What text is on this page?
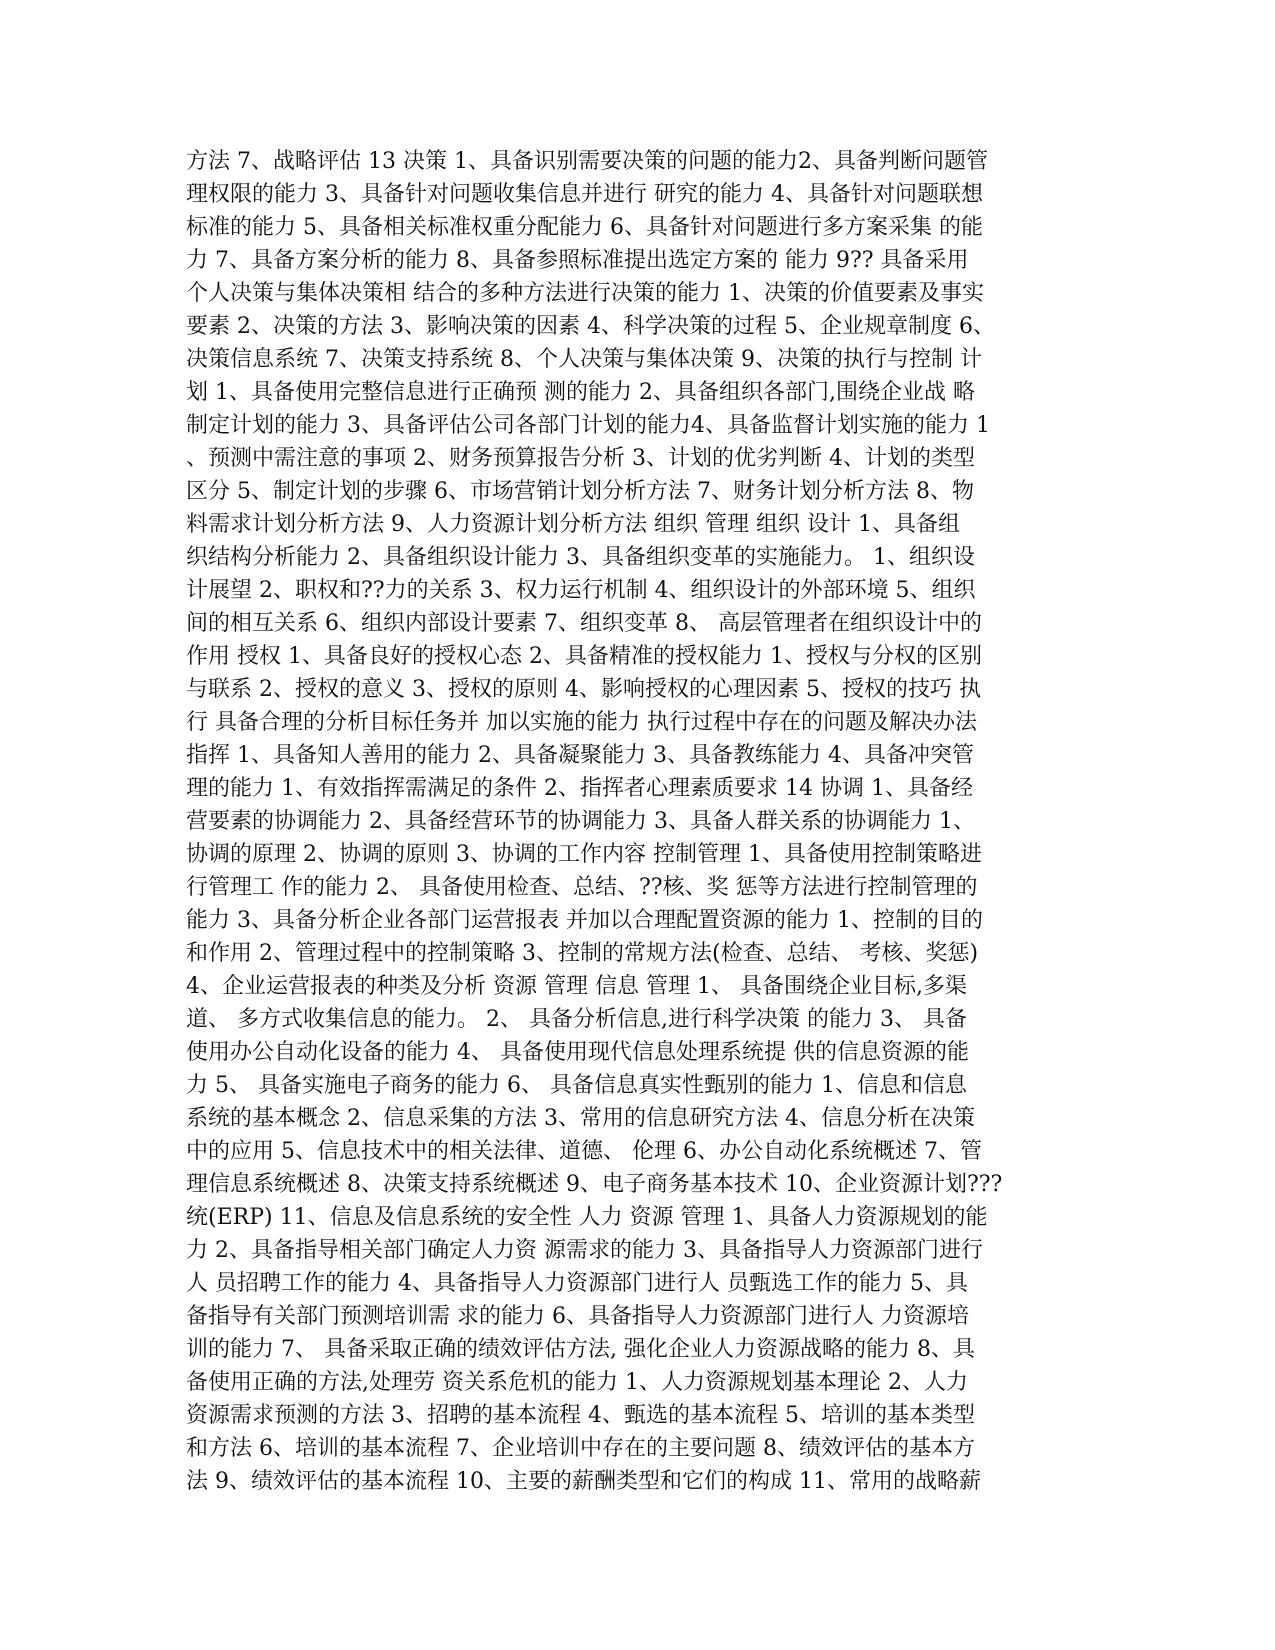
方法 7、战略评估 13 决策 1、具备识别需要决策的问题的能力2、具备判断问题管
理权限的能力 3、具备针对问题收集信息并进行 研究的能力 4、具备针对问题联想
标准的能力 5、具备相关标准权重分配能力 6、具备针对问题进行多方案采集 的能
力 7、具备方案分析的能力 8、具备参照标准提出选定方案的 能力 9?? 具备采用
个人决策与集体决策相 结合的多种方法进行决策的能力 1、决策的价值要素及事实
要素 2、决策的方法 3、影响决策的因素 4、科学决策的过程 5、企业规章制度 6、
决策信息系统 7、决策支持系统 8、个人决策与集体决策 9、决策的执行与控制 计
划 1、具备使用完整信息进行正确预 测的能力 2、具备组织各部门,围绕企业战 略
制定计划的能力 3、具备评估公司各部门计划的能力4、具备监督计划实施的能力 1
、预测中需注意的事项 2、财务预算报告分析 3、计划的优劣判断 4、计划的类型
区分 5、制定计划的步骤 6、市场营销计划分析方法 7、财务计划分析方法 8、物
料需求计划分析方法 9、人力资源计划分析方法 组织 管理 组织 设计 1、具备组
织结构分析能力 2、具备组织设计能力 3、具备组织变革的实施能力。 1、组织设
计展望 2、职权和??力的关系 3、权力运行机制 4、组织设计的外部环境 5、组织
间的相互关系 6、组织内部设计要素 7、组织变革 8、 高层管理者在组织设计中的
作用 授权 1、具备良好的授权心态 2、具备精准的授权能力 1、授权与分权的区别
与联系 2、授权的意义 3、授权的原则 4、影响授权的心理因素 5、授权的技巧 执
行 具备合理的分析目标任务并 加以实施的能力 执行过程中存在的问题及解决办法
指挥 1、具备知人善用的能力 2、具备凝聚能力 3、具备教练能力 4、具备冲突管
理的能力 1、有效指挥需满足的条件 2、指挥者心理素质要求 14 协调 1、具备经
营要素的协调能力 2、具备经营环节的协调能力 3、具备人群关系的协调能力 1、
协调的原理 2、协调的原则 3、协调的工作内容 控制管理 1、具备使用控制策略进
行管理工 作的能力 2、 具备使用检查、总结、??核、奖 惩等方法进行控制管理的
能力 3、具备分析企业各部门运营报表 并加以合理配置资源的能力 1、控制的目的
和作用 2、管理过程中的控制策略 3、控制的常规方法(检查、总结、 考核、奖惩)
4、企业运营报表的种类及分析 资源 管理 信息 管理 1、 具备围绕企业目标,多渠
道、 多方式收集信息的能力。 2、 具备分析信息,进行科学决策 的能力 3、 具备
使用办公自动化设备的能力 4、 具备使用现代信息处理系统提 供的信息资源的能
力 5、 具备实施电子商务的能力 6、 具备信息真实性甄别的能力 1、信息和信息
系统的基本概念 2、信息采集的方法 3、常用的信息研究方法 4、信息分析在决策
中的应用 5、信息技术中的相关法律、道德、 伦理 6、办公自动化系统概述 7、管
理信息系统概述 8、决策支持系统概述 9、电子商务基本技术 10、企业资源计划???
统(ERP) 11、信息及信息系统的安全性 人力 资源 管理 1、具备人力资源规划的能
力 2、具备指导相关部门确定人力资 源需求的能力 3、具备指导人力资源部门进行
人 员招聘工作的能力 4、具备指导人力资源部门进行人 员甄选工作的能力 5、具
备指导有关部门预测培训需 求的能力 6、具备指导人力资源部门进行人 力资源培
训的能力 7、 具备采取正确的绩效评估方法, 强化企业人力资源战略的能力 8、具
备使用正确的方法,处理劳 资关系危机的能力 1、人力资源规划基本理论 2、人力
资源需求预测的方法 3、招聘的基本流程 4、甄选的基本流程 5、培训的基本类型
和方法 6、培训的基本流程 7、企业培训中存在的主要问题 8、绩效评估的基本方
法 9、绩效评估的基本流程 10、主要的薪酬类型和它们的构成 11、常用的战略薪
